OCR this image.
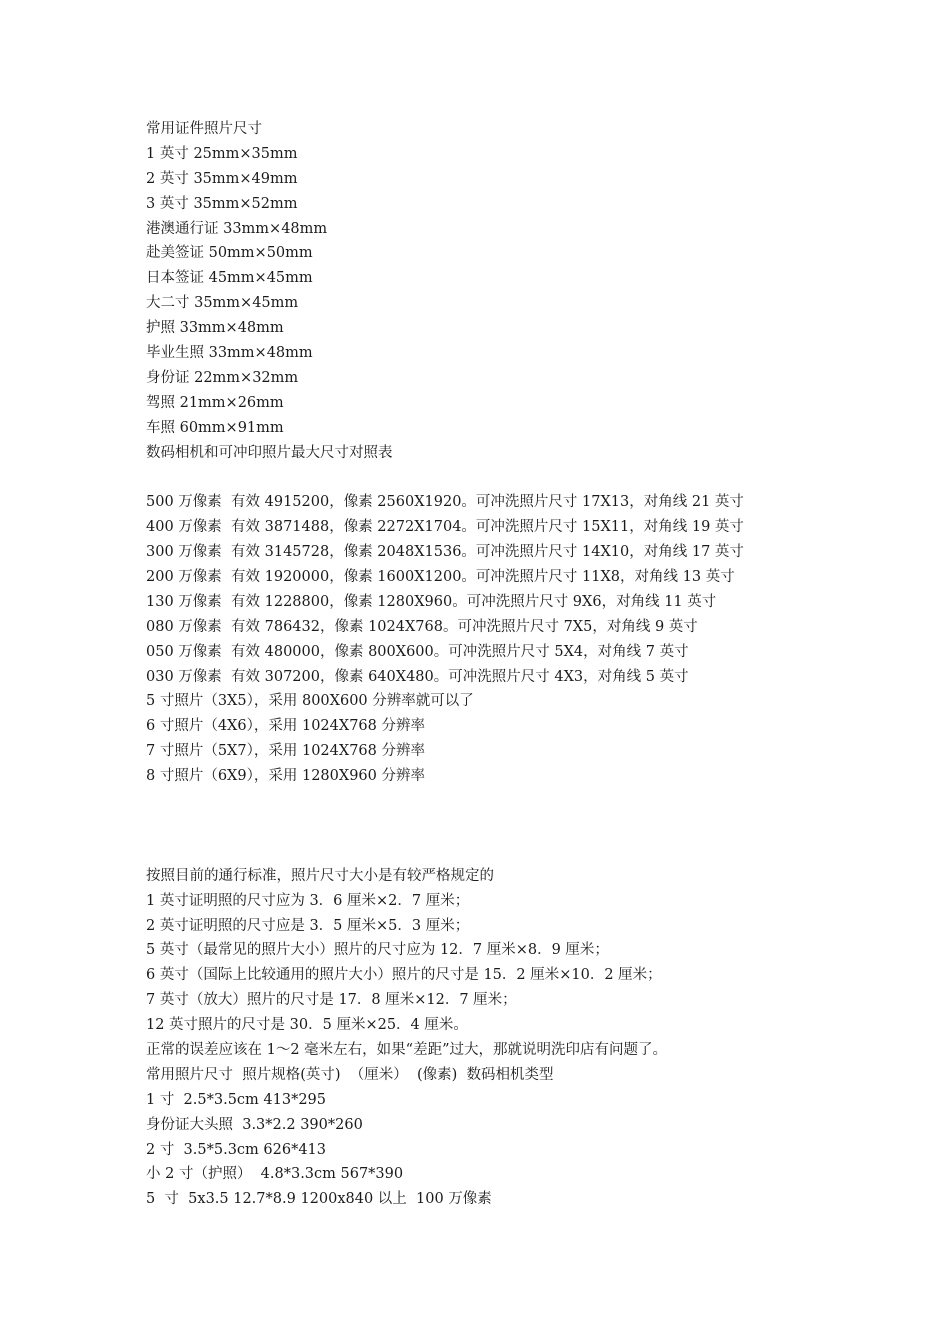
常用证件照片尺寸
1 英寸 25mm×35mm
2 英寸 35mm×49mm
3 英寸 35mm×52mm
港澳通行证 33mm×48mm
赴美签证 50mm×50mm
日本签证 45mm×45mm
大二寸 35mm×45mm
护照 33mm×48mm
毕业生照 33mm×48mm
身份证 22mm×32mm
驾照 21mm×26mm
车照 60mm×91mm
数码相机和可冲印照片最大尺寸对照表
500 万像素  有效 4915200，像素 2560X1920。可冲洗照片尺寸 17X13，对角线 21 英寸
400 万像素  有效 3871488，像素 2272X1704。可冲洗照片尺寸 15X11，对角线 19 英寸
300 万像素  有效 3145728，像素 2048X1536。可冲洗照片尺寸 14X10，对角线 17 英寸
200 万像素  有效 1920000，像素 1600X1200。可冲洗照片尺寸 11X8，对角线 13 英寸
130 万像素  有效 1228800，像素 1280X960。可冲洗照片尺寸 9X6，对角线 11 英寸
080 万像素  有效 786432，像素 1024X768。可冲洗照片尺寸 7X5，对角线 9 英寸
050 万像素  有效 480000，像素 800X600。可冲洗照片尺寸 5X4，对角线 7 英寸
030 万像素  有效 307200，像素 640X480。可冲洗照片尺寸 4X3，对角线 5 英寸
5 寸照片（3X5），采用 800X600 分辨率就可以了
6 寸照片（4X6），采用 1024X768 分辨率
7 寸照片（5X7），采用 1024X768 分辨率
8 寸照片（6X9），采用 1280X960 分辨率
按照目前的通行标准，照片尺寸大小是有较严格规定的
1 英寸证明照的尺寸应为 3．6 厘米×2．7 厘米；
2 英寸证明照的尺寸应是 3．5 厘米×5．3 厘米；
5 英寸（最常见的照片大小）照片的尺寸应为 12．7 厘米×8．9 厘米；
6 英寸（国际上比较通用的照片大小）照片的尺寸是 15．2 厘米×10．2 厘米；
7 英寸（放大）照片的尺寸是 17．8 厘米×12．7 厘米；
12 英寸照片的尺寸是 30．5 厘米×25．4 厘米。
正常的误差应该在 1～2 毫米左右，如果“差距”过大，那就说明洗印店有问题了。
常用照片尺寸  照片规格(英寸)  （厘米）  (像素)  数码相机类型
1 寸  2.5*3.5cm 413*295
身份证大头照  3.3*2.2 390*260
2 寸  3.5*5.3cm 626*413
小 2 寸（护照）  4.8*3.3cm 567*390
5  寸  5x3.5 12.7*8.9 1200x840 以上  100 万像素
